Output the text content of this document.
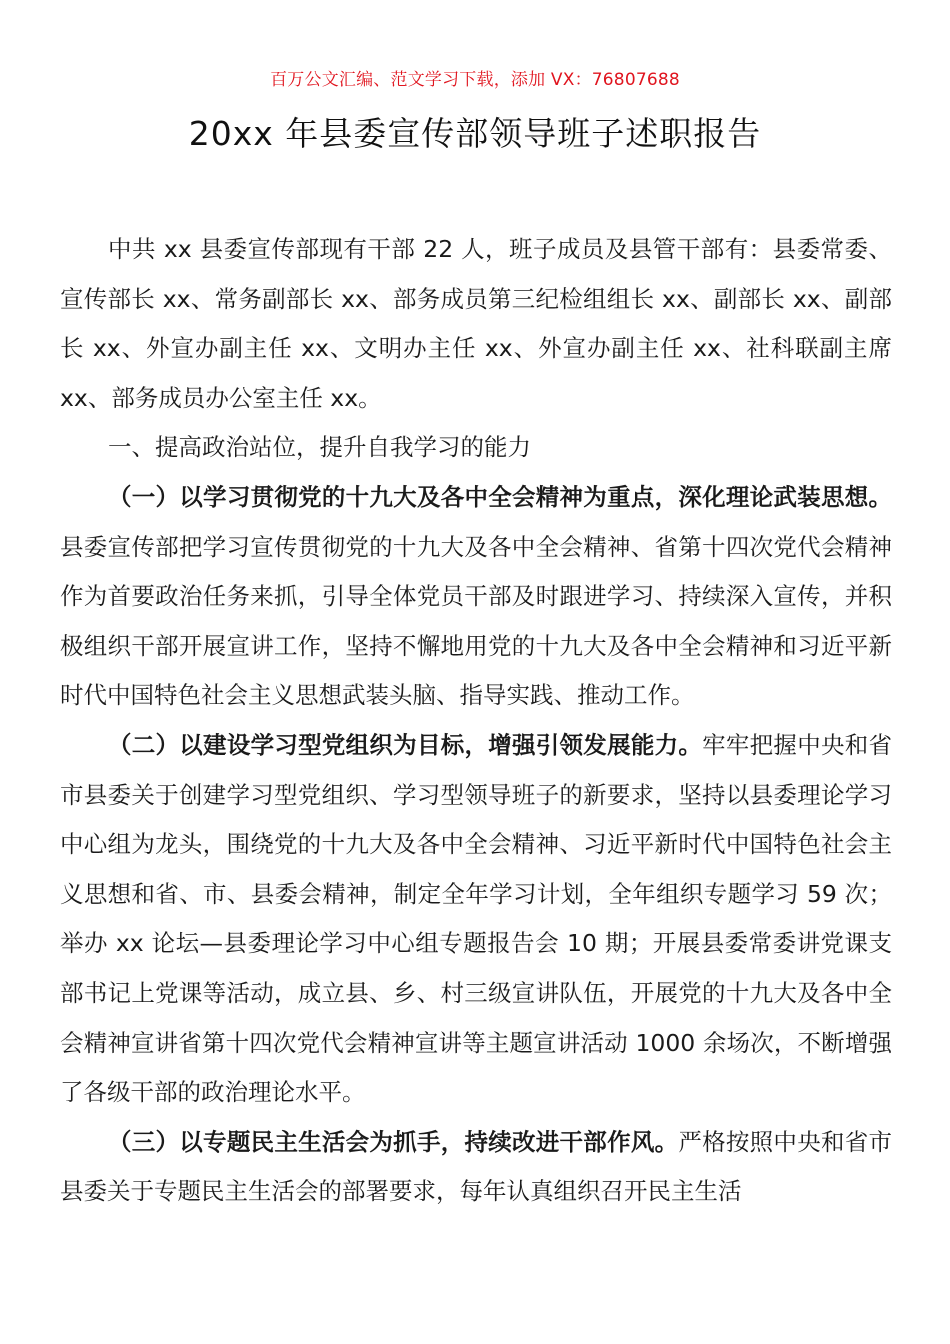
百万公文汇编、范文学习下载，添加 VX：76807688
20xx 年县委宣传部领导班子述职报告

中共 xx 县委宣传部现有干部 22 人，班子成员及县管干部有：县委常委、宣传部长 xx、常务副部长 xx、部务成员第三纪检组组长 xx、副部长 xx、副部长 xx、外宣办副主任 xx、文明办主任 xx、外宣办副主任 xx、社科联副主席 xx、部务成员办公室主任 xx。

一、提高政治站位，提升自我学习的能力

（一）以学习贯彻党的十九大及各中全会精神为重点，深化理论武装思想。县委宣传部把学习宣传贯彻党的十九大及各中全会精神、省第十四次党代会精神作为首要政治任务来抓，引导全体党员干部及时跟进学习、持续深入宣传，并积极组织干部开展宣讲工作，坚持不懈地用党的十九大及各中全会精神和习近平新时代中国特色社会主义思想武装头脑、指导实践、推动工作。

（二）以建设学习型党组织为目标，增强引领发展能力。牢牢把握中央和省市县委关于创建学习型党组织、学习型领导班子的新要求，坚持以县委理论学习中心组为龙头，围绕党的十九大及各中全会精神、习近平新时代中国特色社会主义思想和省、市、县委会精神，制定全年学习计划，全年组织专题学习 59 次；举办 xx 论坛—县委理论学习中心组专题报告会 10 期；开展县委常委讲党课支部书记上党课等活动，成立县、乡、村三级宣讲队伍，开展党的十九大及各中全会精神宣讲省第十四次党代会精神宣讲等主题宣讲活动 1000 余场次，不断增强了各级干部的政治理论水平。

（三）以专题民主生活会为抓手，持续改进干部作风。严格按照中央和省市县委关于专题民主生活会的部署要求，每年认真组织召开民主生活
